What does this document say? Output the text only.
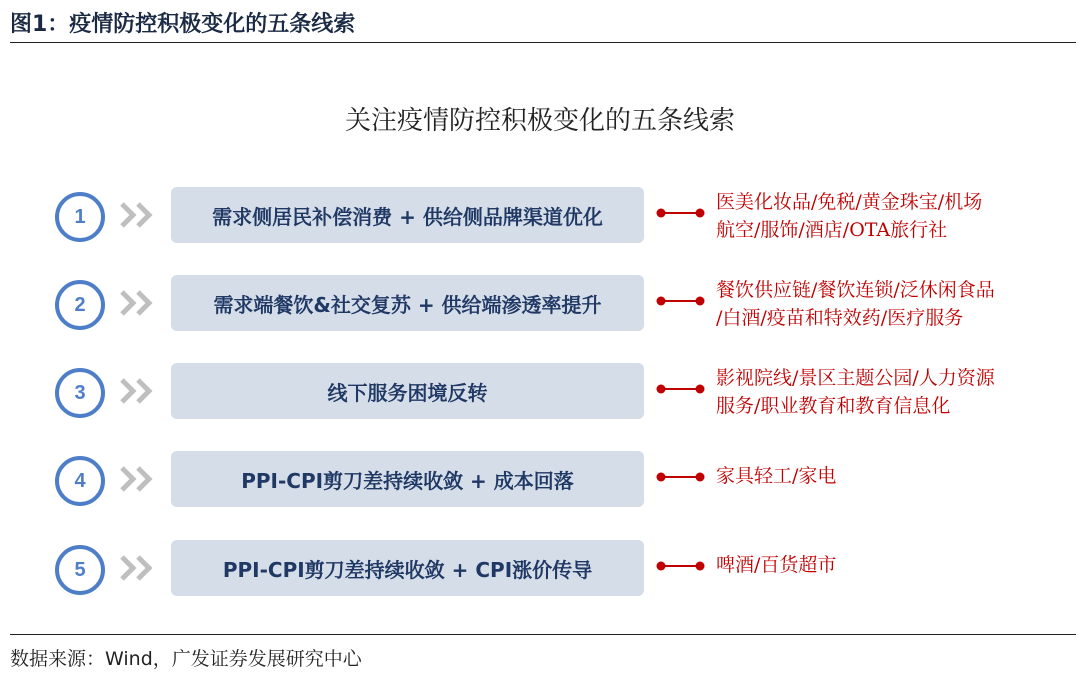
图1：疫情防控积极变化的五条线索
关注疫情防控积极变化的五条线索
1	需求侧居民补偿消费 + 供给侧品牌渠道优化
医美化妆品/免税/黄金珠宝/机场
航空/服饰/酒店/OTA旅行社
2	需求端餐饮&社交复苏 + 供给端渗透率提升
餐饮供应链/餐饮连锁/泛休闲食品
/白酒/疫苗和特效药/医疗服务
3	线下服务困境反转
影视院线/景区主题公园/人力资源
服务/职业教育和教育信息化
4	PPI-CPI剪刀差持续收敛 + 成本回落	家具轻工/家电
5	PPI-CPI剪刀差持续收敛 + CPI涨价传导	啤酒/百货超市
数据来源：Wind，广发证券发展研究中心
